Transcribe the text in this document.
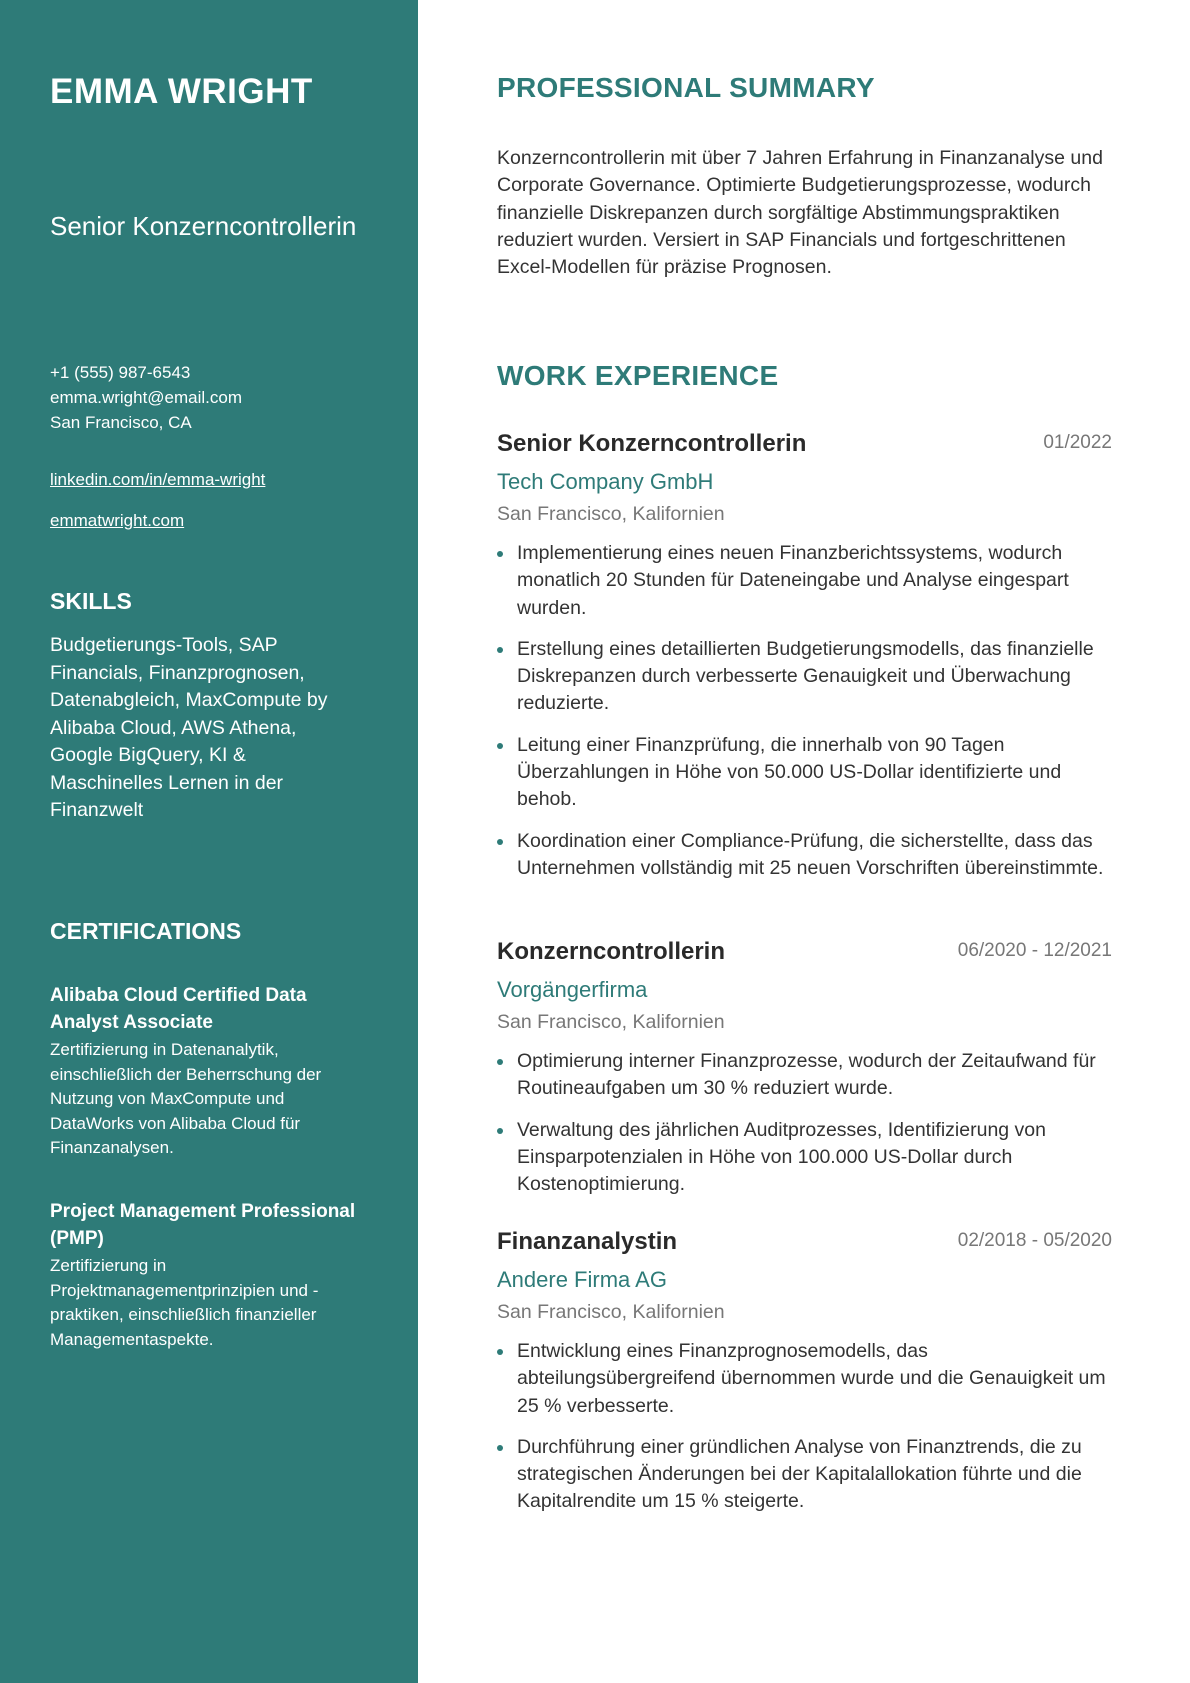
EMMA WRIGHT
Senior Konzerncontrollerin
+1 (555) 987-6543
emma.wright@email.com
San Francisco, CA
linkedin.com/in/emma-wright
emmatwright.com
SKILLS
Budgetierungs-Tools, SAP Financials, Finanzprognosen, Datenabgleich, MaxCompute by Alibaba Cloud, AWS Athena, Google BigQuery, KI & Maschinelles Lernen in der Finanzwelt
CERTIFICATIONS
Alibaba Cloud Certified Data Analyst Associate
Zertifizierung in Datenanalytik, einschließlich der Beherrschung der Nutzung von MaxCompute und DataWorks von Alibaba Cloud für Finanzanalysen.
Project Management Professional (PMP)
Zertifizierung in Projektmanagementprinzipien und -praktiken, einschließlich finanzieller Managementaspekte.
PROFESSIONAL SUMMARY
Konzerncontrollerin mit über 7 Jahren Erfahrung in Finanzanalyse und Corporate Governance. Optimierte Budgetierungsprozesse, wodurch finanzielle Diskrepanzen durch sorgfältige Abstimmungspraktiken reduziert wurden. Versiert in SAP Financials und fortgeschrittenen Excel-Modellen für präzise Prognosen.
WORK EXPERIENCE
Senior Konzerncontrollerin	01/2022
Tech Company GmbH
San Francisco, Kalifornien
Implementierung eines neuen Finanzberichtssystems, wodurch monatlich 20 Stunden für Dateneingabe und Analyse eingespart wurden.
Erstellung eines detaillierten Budgetierungsmodells, das finanzielle Diskrepanzen durch verbesserte Genauigkeit und Überwachung reduzierte.
Leitung einer Finanzprüfung, die innerhalb von 90 Tagen Überzahlungen in Höhe von 50.000 US-Dollar identifizierte und behob.
Koordination einer Compliance-Prüfung, die sicherstellte, dass das Unternehmen vollständig mit 25 neuen Vorschriften übereinstimmte.
Konzerncontrollerin	06/2020 - 12/2021
Vorgängerfirma
San Francisco, Kalifornien
Optimierung interner Finanzprozesse, wodurch der Zeitaufwand für Routineaufgaben um 30 % reduziert wurde.
Verwaltung des jährlichen Auditprozesses, Identifizierung von Einsparpotenzialen in Höhe von 100.000 US-Dollar durch Kostenoptimierung.
Finanzanalystin	02/2018 - 05/2020
Andere Firma AG
San Francisco, Kalifornien
Entwicklung eines Finanzprognosemodells, das abteilungsübergreifend übernommen wurde und die Genauigkeit um 25 % verbesserte.
Durchführung einer gründlichen Analyse von Finanztrends, die zu strategischen Änderungen bei der Kapitalallokation führte und die Kapitalrendite um 15 % steigerte.
